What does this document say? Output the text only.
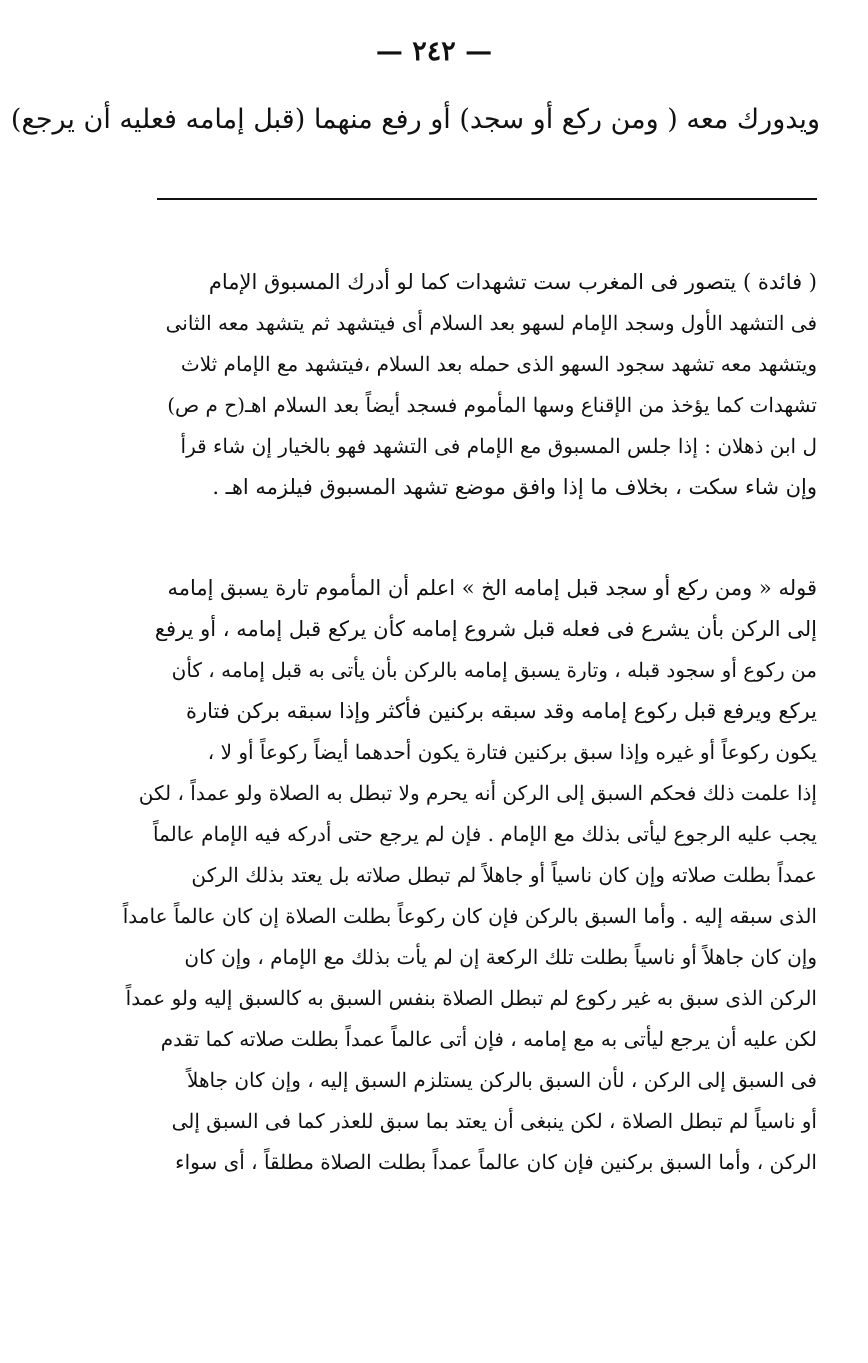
— ٢٤٢ —
ويدورك معه ( ومن ركع أو سجد) أو رفع منهما (قبل إمامه فعليه أن يرجع)
( فائدة ) يتصور فى المغرب ست تشهدات كما لو أدرك المسبوق الإمام
فى التشهد الأول وسجد الإمام لسهو بعد السلام أى فيتشهد ثم يتشهد معه الثانى
ويتشهد معه تشهد سجود السهو الذى حمله بعد السلام ،فيتشهد مع الإمام ثلاث
تشهدات كما يؤخذ من الإقناع وسها المأموم فسجد أيضاً بعد السلام اهـ(ح م ص)
ل ابن ذهلان : إذا جلس المسبوق مع الإمام فى التشهد فهو بالخيار إن شاء قرأ
وإن شاء سكت ، بخلاف ما إذا وافق موضع تشهد المسبوق فيلزمه اهـ .
قوله « ومن ركع أو سجد قبل إمامه الخ » اعلم أن المأموم تارة يسبق إمامه
إلى الركن بأن يشرع فى فعله قبل شروع إمامه كأن يركع قبل إمامه ، أو يرفع
من ركوع أو سجود قبله ، وتارة يسبق إمامه بالركن بأن يأتى به قبل إمامه ، كأن
يركع ويرفع قبل ركوع إمامه وقد سبقه بركنين فأكثر وإذا سبقه بركن فتارة
يكون ركوعاً أو غيره وإذا سبق بركنين فتارة يكون أحدهما أيضاً ركوعاً أو لا ،
إذا علمت ذلك فحكم السبق إلى الركن أنه يحرم ولا تبطل به الصلاة ولو عمداً ، لكن
يجب عليه الرجوع ليأتى بذلك مع الإمام . فإن لم يرجع حتى أدركه فيه الإمام عالماً
عمداً بطلت صلاته وإن كان ناسياً أو جاهلاً لم تبطل صلاته بل يعتد بذلك الركن
الذى سبقه إليه . وأما السبق بالركن فإن كان ركوعاً بطلت الصلاة إن كان عالماً عامداً
وإن كان جاهلاً أو ناسياً بطلت تلك الركعة إن لم يأت بذلك مع الإمام ، وإن كان
الركن الذى سبق به غير ركوع لم تبطل الصلاة بنفس السبق به كالسبق إليه ولو عمداً
لكن عليه أن يرجع ليأتى به مع إمامه ، فإن أتى عالماً عمداً بطلت صلاته كما تقدم
فى السبق إلى الركن ، لأن السبق بالركن يستلزم السبق إليه ، وإن كان جاهلاً
أو ناسياً لم تبطل الصلاة ، لكن ينبغى أن يعتد بما سبق للعذر كما فى السبق إلى
الركن ، وأما السبق بركنين فإن كان عالماً عمداً بطلت الصلاة مطلقاً ، أى سواء
